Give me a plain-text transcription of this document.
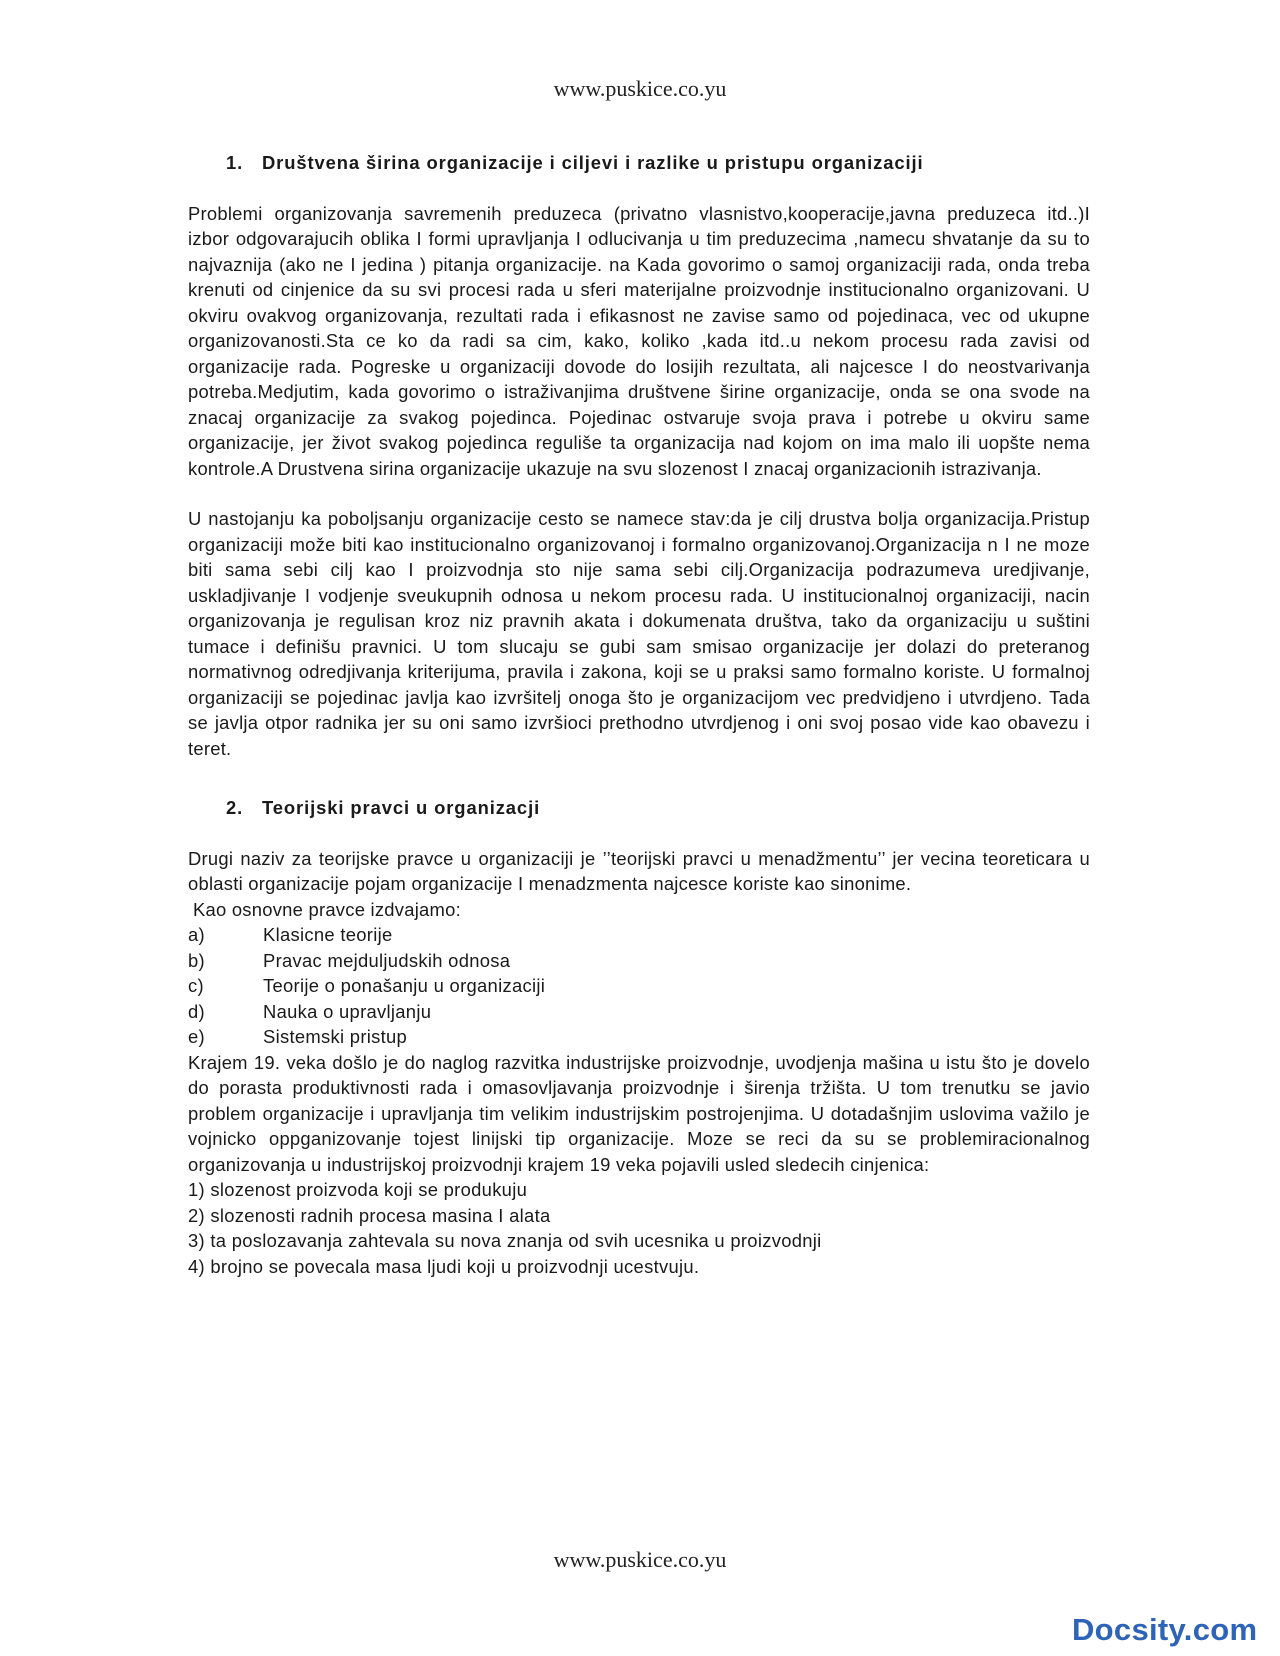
www.puskice.co.yu
1. Društvena širina organizacije i ciljevi i razlike u pristupu organizaciji

Problemi organizovanja savremenih preduzeca (privatno vlasnistvo,kooperacije,javna preduzeca itd..)I izbor odgovarajucih oblika I formi upravljanja I odlucivanja u tim preduzecima ,namecu shvatanje da su to najvaznija (ako ne I jedina ) pitanja organizacije. na Kada govorimo o samoj organizaciji rada, onda treba krenuti od cinjenice da su svi procesi rada u sferi materijalne proizvodnje institucionalno organizovani. U okviru ovakvog organizovanja, rezultati rada i efikasnost ne zavise samo od pojedinaca, vec od ukupne organizovanosti.Sta ce ko da radi sa cim, kako, koliko ,kada itd..u nekom procesu rada zavisi od organizacije rada. Pogreske u organizaciji dovode do losijih rezultata, ali najcesce I do neostvarivanja potreba.Medjutim, kada govorimo o istraživanjima društvene širine organizacije, onda se ona svode na znacaj organizacije za svakog pojedinca. Pojedinac ostvaruje svoja prava i potrebe u okviru same organizacije, jer život svakog pojedinca reguliše ta organizacija nad kojom on ima malo ili uopšte nema kontrole.A Drustvena sirina organizacije ukazuje na svu slozenost I znacaj organizacionih istrazivanja.

U nastojanju ka poboljsanju organizacije cesto se namece stav:da je cilj drustva bolja organizacija.Pristup organizaciji može biti kao institucionalno organizovanoj i formalno organizovanoj.Organizacija n I ne moze biti sama sebi cilj kao I proizvodnja sto nije sama sebi cilj.Organizacija podrazumeva uredjivanje, uskladjivanje I vodjenje sveukupnih odnosa u nekom procesu rada. U institucionalnoj organizaciji, nacin organizovanja je regulisan kroz niz pravnih akata i dokumenata društva, tako da organizaciju u suštini tumace i definišu pravnici. U tom slucaju se gubi sam smisao organizacije jer dolazi do preteranog normativnog odredjivanja kriterijuma, pravila i zakona, koji se u praksi samo formalno koriste. U formalnoj organizaciji se pojedinac javlja kao izvršitelj onoga što je organizacijom vec predvidjeno i utvrdjeno. Tada se javlja otpor radnika jer su oni samo izvršioci prethodno utvrdjenog i oni svoj posao vide kao obavezu i teret.

2. Teorijski pravci u organizacji

Drugi naziv za teorijske pravce u organizaciji je ’’teorijski pravci u menadžmentu’’ jer vecina teoreticara u oblasti organizacije pojam organizacije I menadzmenta najcesce koriste kao sinonime.

Kao osnovne pravce izdvajamo:

a)	Klasicne teorije
b)	Pravac mejduljudskih odnosa
c)	Teorije o ponašanju u organizaciji
d)	Nauka o upravljanju
e)	Sistemski pristup

Krajem 19. veka došlo je do naglog razvitka industrijske proizvodnje, uvodjenja mašina u istu što je dovelo do porasta produktivnosti rada i omasovljavanja proizvodnje i širenja tržišta. U tom trenutku se javio problem organizacije i upravljanja tim velikim industrijskim postrojenjima. U dotadašnjim uslovima važilo je vojnicko opрganizovanje tojest linijski tip organizacije. Moze se reci da su se problemiracionalnog organizovanja u industrijskoj proizvodnji krajem 19 veka pojavili usled sledecih cinjenica:

1) slozenost proizvoda koji se produkuju
2) slozenosti radnih procesa masina I alata
3) ta poslozavanja zahtevala su nova znanja od svih ucesnika u proizvodnji
4) brojno se povecala masa ljudi koji u proizvodnji ucestvuju.
www.puskice.co.yu
Docsity.com
